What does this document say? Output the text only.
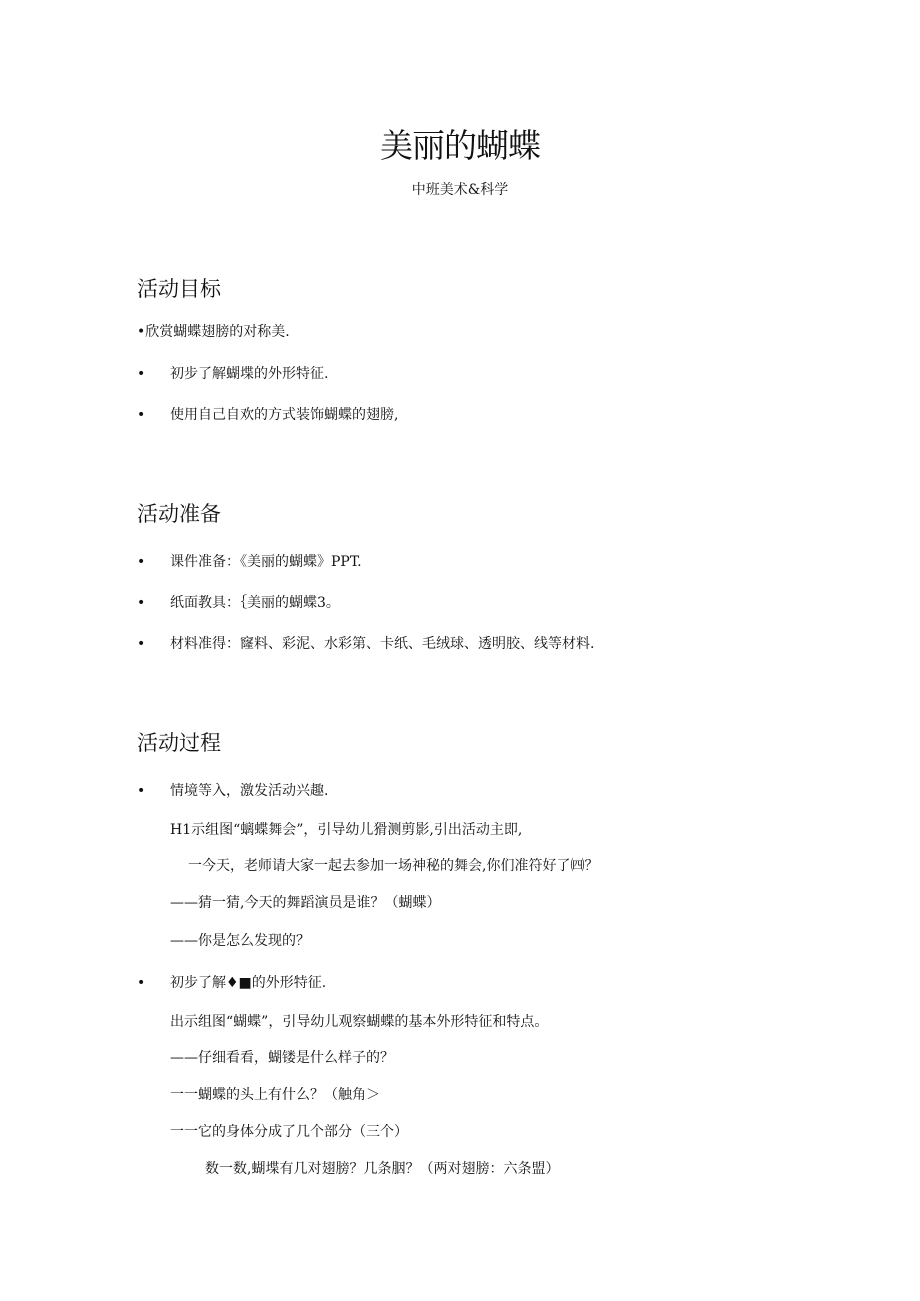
美丽的蝴蝶
中班美术&科学
活动目标
•欣赏蝴蝶翅膀的对称美.
• 初步了解蝴堞的外形特征.
• 使用自己自欢的方式装饰蝴蝶的翅膀,
活动准备
• 课件准备：《美丽的蝴蝶》PPT.
• 纸面教具：｛美丽的蝴蝶3。
• 材料准得：窿料、彩泥、水彩第、卡纸、毛绒球、透明胶、线等材料.
活动过程
• 情境等入，激发活动兴趣.
H1示组图“螭蝶舞会”，引导幼儿猾测剪影,引出活动主即,
一今天，老师请大家一起去参加一场神秘的舞会,你们准符好了㈣？
——猜一猜,今天的舞蹈演员是谁？（蝴蝶）
——你是怎么发现的？
• 初步了解♦■的外形特征.
出示组图“蝴蝶”，引导幼儿观察蝴蝶的基本外形特征和特点。
——仔细看看，蝴镂是什么样子的？
一一蝴蝶的头上有什么？（触角＞
一一它的身体分成了几个部分（三个）
数一数,蝴堞有几对翅膀？几条胭？（两对翅膀：六条盟）
